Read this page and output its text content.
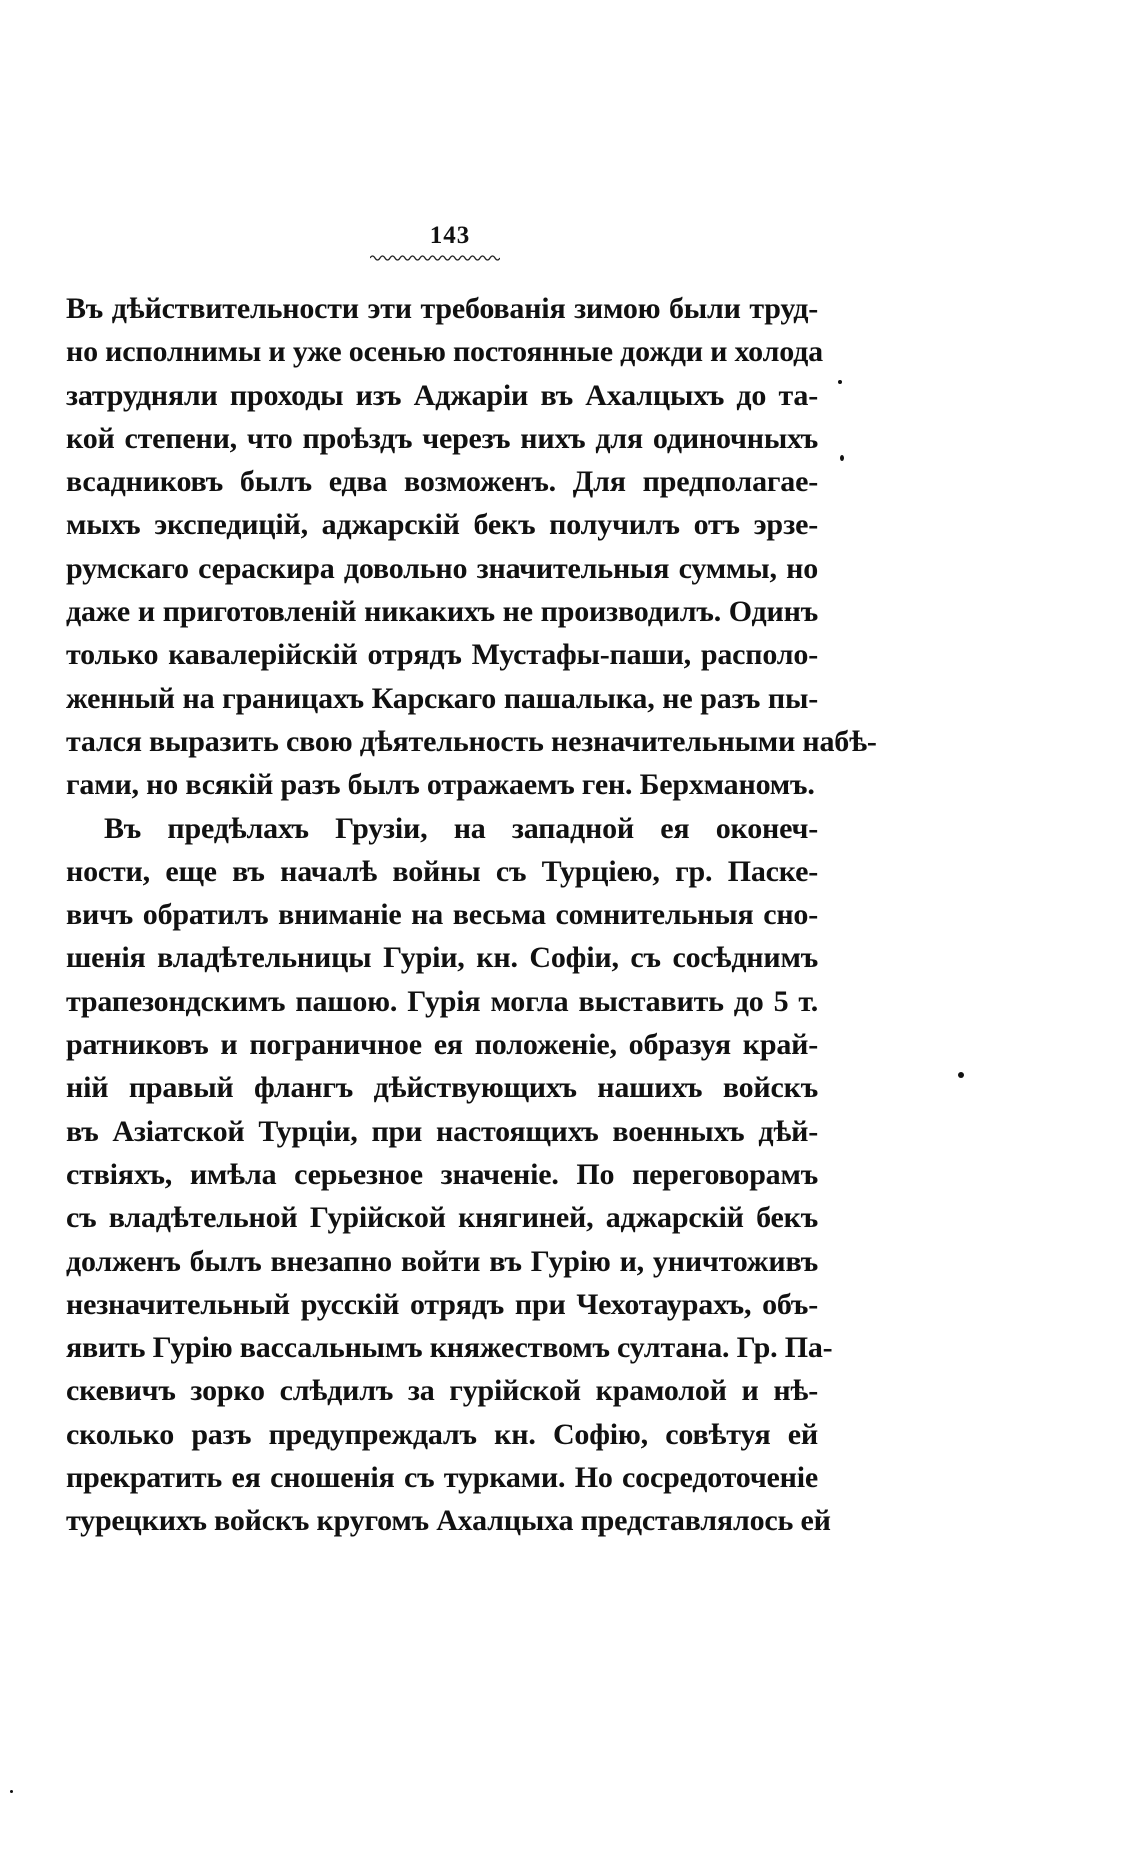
143
Въ дѣйствительности эти требованія зимою были труд-
но исполнимы и уже осенью постоянные дожди и холода
затрудняли проходы изъ Аджаріи въ Ахалцыхъ до та-
кой степени, что проѣздъ черезъ нихъ для одиночныхъ
всадниковъ былъ едва возможенъ. Для предполагае-
мыхъ экспедицій, аджарскій бекъ получилъ отъ эрзе-
румскаго сераскира довольно значительныя суммы, но
даже и приготовленій никакихъ не производилъ. Одинъ
только кавалерійскій отрядъ Мустафы-паши, располо-
женный на границахъ Карскаго пашалыка, не разъ пы-
тался выразить свою дѣятельность незначительными набѣ-
гами, но всякій разъ былъ отражаемъ ген. Берхманомъ.
Въ предѣлахъ Грузіи, на западной ея оконеч-
ности, еще въ началѣ войны съ Турціею, гр. Паске-
вичъ обратилъ вниманіе на весьма сомнительныя сно-
шенія владѣтельницы Гуріи, кн. Софіи, съ сосѣднимъ
трапезондскимъ пашою. Гурія могла выставить до 5 т.
ратниковъ и пограничное ея положеніе, образуя край-
ній правый флангъ дѣйствующихъ нашихъ войскъ
въ Азіатской Турціи, при настоящихъ военныхъ дѣй-
ствіяхъ, имѣла серьезное значеніе. По переговорамъ
съ владѣтельной Гурійской княгиней, аджарскій бекъ
долженъ былъ внезапно войти въ Гурію и, уничтоживъ
незначительный русскій отрядъ при Чехотаурахъ, объ-
явить Гурію вассальнымъ княжествомъ султана. Гр. Па-
скевичъ зорко слѣдилъ за гурійской крамолой и нѣ-
сколько разъ предупреждалъ кн. Софію, совѣтуя ей
прекратить ея сношенія съ турками. Но сосредоточеніе
турецкихъ войскъ кругомъ Ахалцыха представлялось ей
